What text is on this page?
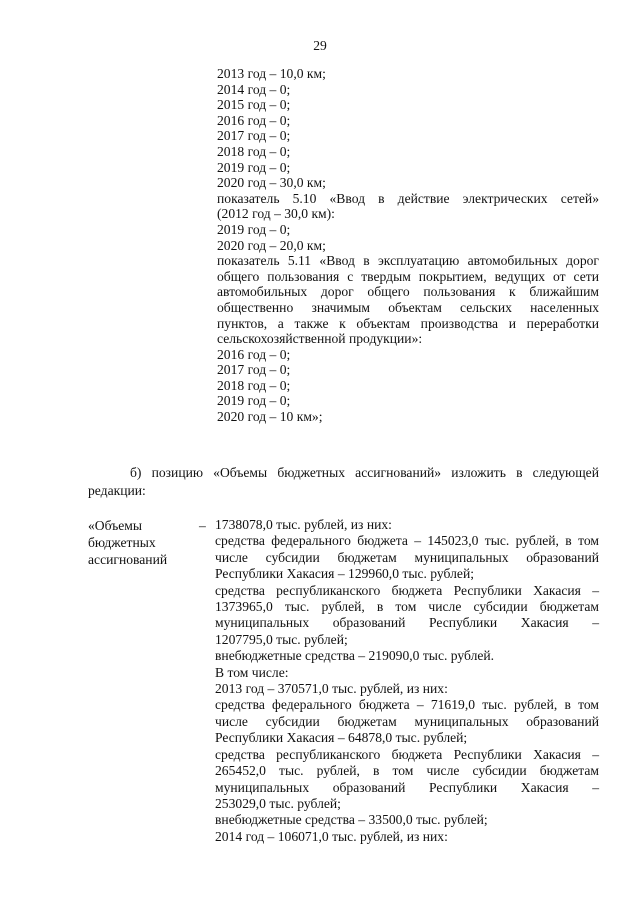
29
2013 год – 10,0 км;
2014 год – 0;
2015 год – 0;
2016 год – 0;
2017 год – 0;
2018 год – 0;
2019 год – 0;
2020 год – 30,0 км;
показатель 5.10 «Ввод в действие электрических сетей»
(2012 год – 30,0 км):
2019 год – 0;
2020 год – 20,0 км;
показатель 5.11 «Ввод в эксплуатацию автомобильных дорог
общего пользования с твердым покрытием, ведущих от сети
автомобильных дорог общего пользования к ближайшим
общественно значимым объектам сельских населенных
пунктов, а также к объектам производства и переработки
сельскохозяйственной продукции»:
2016 год – 0;
2017 год – 0;
2018 год – 0;
2019 год – 0;
2020 год – 10 км»;
б) позицию «Объемы бюджетных ассигнований» изложить в следующей
редакции:
«Объемы
бюджетных
ассигнований
– 1738078,0 тыс. рублей, из них:
средства федерального бюджета – 145023,0 тыс. рублей, в том
числе субсидии бюджетам муниципальных образований
Республики Хакасия – 129960,0 тыс. рублей;
средства республиканского бюджета Республики Хакасия –
1373965,0 тыс. рублей, в том числе субсидии бюджетам
муниципальных образований Республики Хакасия –
1207795,0 тыс. рублей;
внебюджетные средства – 219090,0 тыс. рублей.
В том числе:
2013 год – 370571,0 тыс. рублей, из них:
средства федерального бюджета – 71619,0 тыс. рублей, в том
числе субсидии бюджетам муниципальных образований
Республики Хакасия – 64878,0 тыс. рублей;
средства республиканского бюджета Республики Хакасия –
265452,0 тыс. рублей, в том числе субсидии бюджетам
муниципальных образований Республики Хакасия –
253029,0 тыс. рублей;
внебюджетные средства – 33500,0 тыс. рублей;
2014 год – 106071,0 тыс. рублей, из них:
